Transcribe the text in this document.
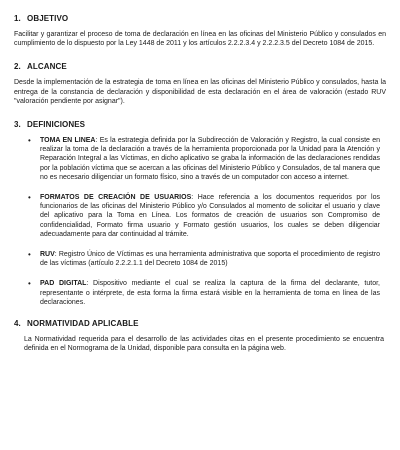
1. OBJETIVO

Facilitar y garantizar el proceso de toma de declaración en línea en las oficinas del Ministerio Público y consulados en cumplimiento de lo dispuesto por la Ley 1448 de 2011 y los artículos 2.2.2.3.4 y 2.2.2.3.5 del Decreto 1084 de 2015.

2. ALCANCE

Desde la implementación de la estrategia de toma en línea en las oficinas del Ministerio Público y consulados, hasta la entrega de la constancia de declaración y disponibilidad de esta declaración en el área de valoración (estado RUV "valoración pendiente por asignar").

3. DEFINICIONES
• TOMA EN LINEA: Es la estrategia definida por la Subdirección de Valoración y Registro, la cual consiste en realizar la toma de la declaración a través de la herramienta proporcionada por la Unidad para la Atención y Reparación Integral a las Víctimas, en dicho aplicativo se graba la información de las declaraciones rendidas por la población víctima que se acercan a las oficinas del Ministerio Público y Consulados, de tal manera que no es necesario diligenciar un formato físico, sino a través de un computador con acceso a internet.
• FORMATOS DE CREACIÓN DE USUARIOS: Hace referencia a los documentos requeridos por los funcionarios de las oficinas del Ministerio Público y/o Consulados al momento de solicitar el usuario y clave del aplicativo para la Toma en Línea. Los formatos de creación de usuarios son Compromiso de confidencialidad, Formato firma usuario y Formato gestión usuarios, los cuales se deben diligenciar adecuadamente para dar continuidad al trámite.
• RUV: Registro Único de Víctimas es una herramienta administrativa que soporta el procedimiento de registro de las víctimas (artículo 2.2.2.1.1 del Decreto 1084 de 2015)
• PAD DIGITAL: Dispositivo mediante el cual se realiza la captura de la firma del declarante, tutor, representante o intérprete, de esta forma la firma estará visible en la herramienta de toma en línea de las declaraciones.
4. NORMATIVIDAD APLICABLE

La Normatividad requerida para el desarrollo de las actividades citas en el presente procedimiento se encuentra definida en el Normograma de la Unidad, disponible para consulta en la página web.
